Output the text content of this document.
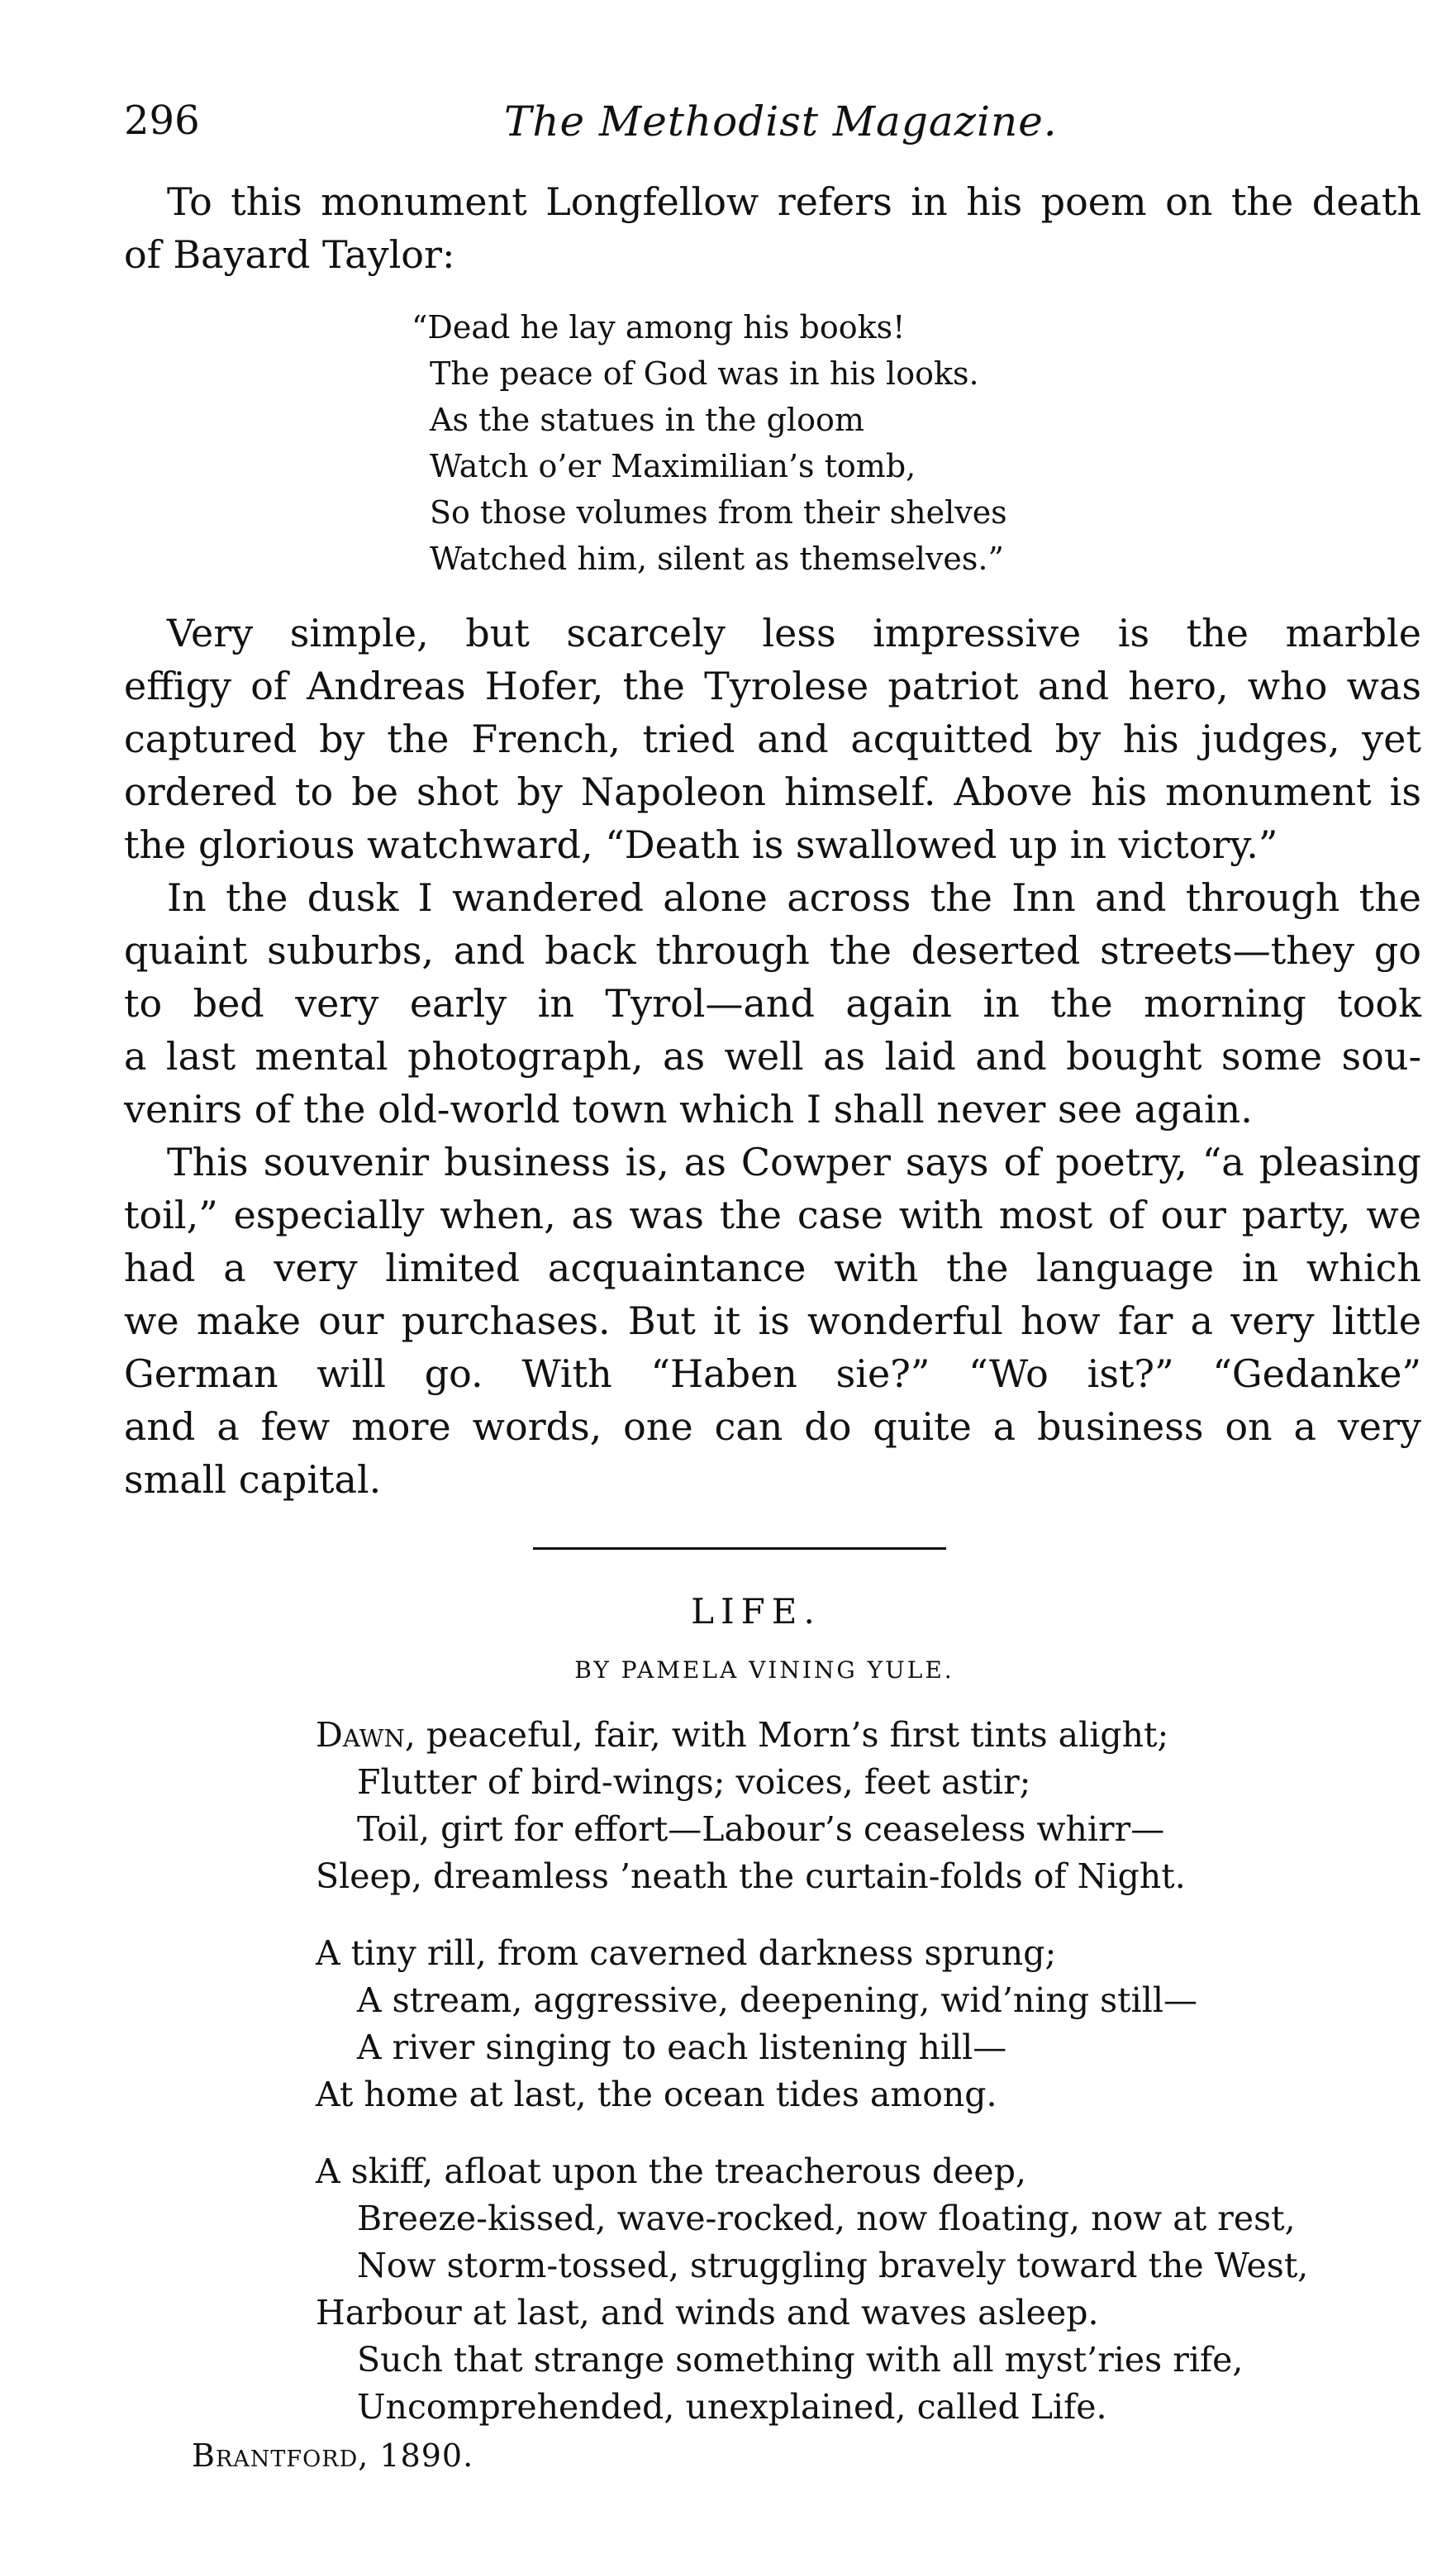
296	The Methodist Magazine.

To this monument Longfellow refers in his poem on the death
of Bayard Taylor:

“Dead he lay among his books!
The peace of God was in his looks.
As the statues in the gloom
Watch o’er Maximilian’s tomb,
So those volumes from their shelves
Watched him, silent as themselves.”

Very simple, but scarcely less impressive is the marble
effigy of Andreas Hofer, the Tyrolese patriot and hero, who was
captured by the French, tried and acquitted by his judges, yet
ordered to be shot by Napoleon himself. Above his monument is
the glorious watchward, “Death is swallowed up in victory.”

In the dusk I wandered alone across the Inn and through the
quaint suburbs, and back through the deserted streets—they go
to bed very early in Tyrol—and again in the morning took
a last mental photograph, as well as laid and bought some sou-
venirs of the old-world town which I shall never see again.

This souvenir business is, as Cowper says of poetry, “a pleasing
toil,” especially when, as was the case with most of our party, we
had a very limited acquaintance with the language in which
we make our purchases. But it is wonderful how far a very little
German will go. With “Haben sie?” “Wo ist?” “Gedanke”
and a few more words, one can do quite a business on a very
small capital.

LIFE.
BY PAMELA VINING YULE.
Dawn, peaceful, fair, with Morn’s first tints alight;
Flutter of bird-wings; voices, feet astir;
Toil, girt for effort—Labour’s ceaseless whirr—
Sleep, dreamless ’neath the curtain-folds of Night.
A tiny rill, from caverned darkness sprung;
A stream, aggressive, deepening, wid’ning still—
A river singing to each listening hill—
At home at last, the ocean tides among.
A skiff, afloat upon the treacherous deep,
Breeze-kissed, wave-rocked, now floating, now at rest,
Now storm-tossed, struggling bravely toward the West,
Harbour at last, and winds and waves asleep.
Such that strange something with all myst’ries rife,
Uncomprehended, unexplained, called Life.
Brantford, 1890.
